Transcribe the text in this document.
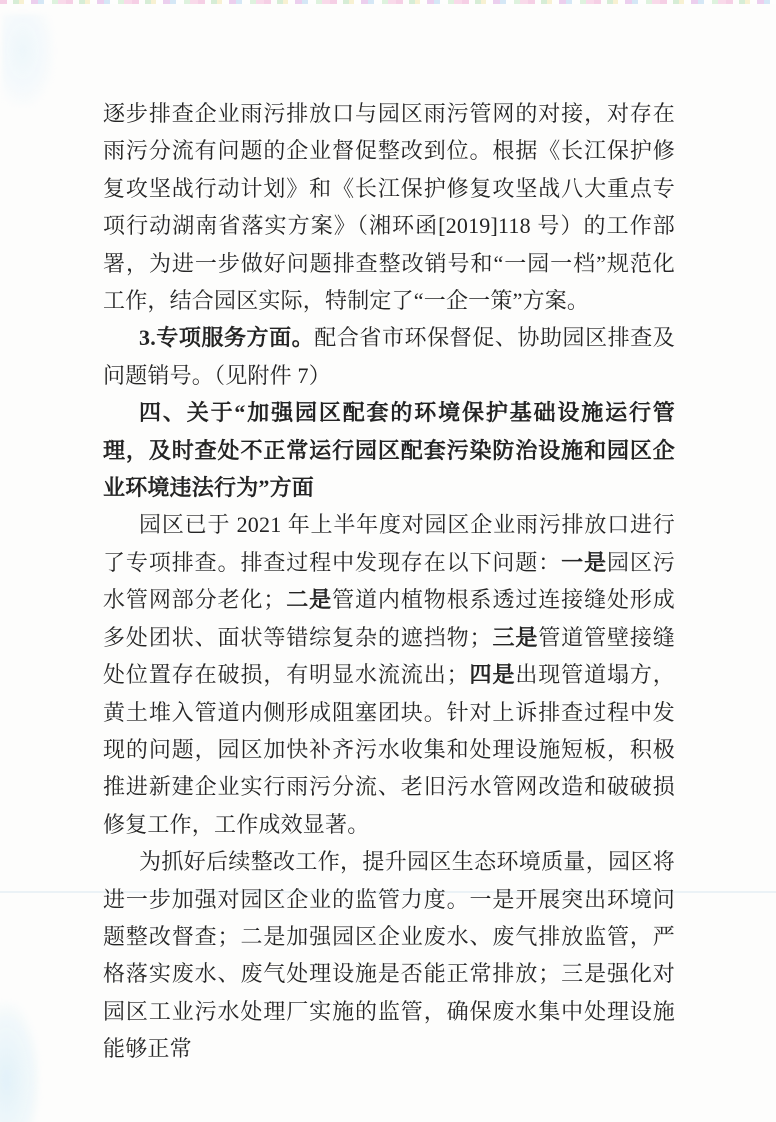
逐步排查企业雨污排放口与园区雨污管网的对接，对存在雨污分流有问题的企业督促整改到位。根据《长江保护修复攻坚战行动计划》和《长江保护修复攻坚战八大重点专项行动湖南省落实方案》（湘环函[2019]118 号）的工作部署，为进一步做好问题排查整改销号和“一园一档”规范化工作，结合园区实际，特制定了“一企一策”方案。

3.专项服务方面。配合省市环保督促、协助园区排查及问题销号。（见附件 7）

四、关于“加强园区配套的环境保护基础设施运行管理，及时查处不正常运行园区配套污染防治设施和园区企业环境违法行为”方面

园区已于 2021 年上半年度对园区企业雨污排放口进行了专项排查。排查过程中发现存在以下问题：一是园区污水管网部分老化；二是管道内植物根系透过连接缝处形成多处团状、面状等错综复杂的遮挡物；三是管道管壁接缝处位置存在破损，有明显水流流出；四是出现管道塌方，黄土堆入管道内侧形成阻塞团块。针对上诉排查过程中发现的问题，园区加快补齐污水收集和处理设施短板，积极推进新建企业实行雨污分流、老旧污水管网改造和破破损修复工作，工作成效显著。

为抓好后续整改工作，提升园区生态环境质量，园区将进一步加强对园区企业的监管力度。一是开展突出环境问题整改督查；二是加强园区企业废水、废气排放监管，严格落实废水、废气处理设施是否能正常排放；三是强化对园区工业污水处理厂实施的监管，确保废水集中处理设施能够正常
